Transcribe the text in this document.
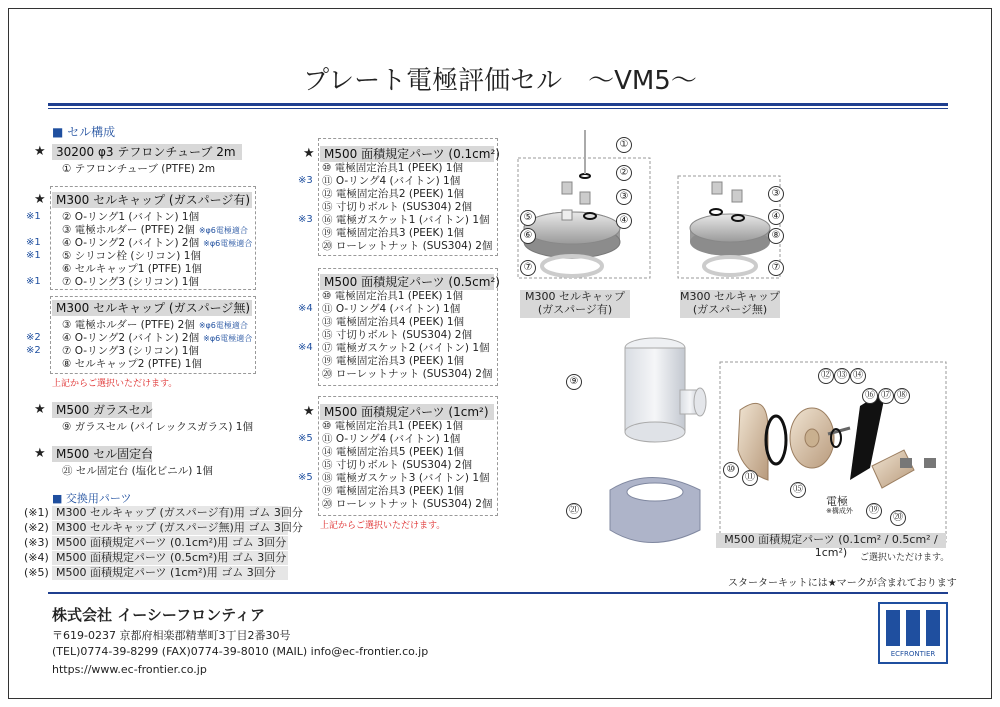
プレート電極評価セル　～VM5～
■ セル構成
★ 30200 φ3 テフロンチューブ 2m
① テフロンチューブ (PTFE) 2m
★ M300 セルキャップ (ガスパージ有)
※1 ② O-リング1 (バイトン) 1個
③ 電極ホルダー (PTFE) 2個 ※φ6電極適合
※1 ④ O-リング2 (バイトン) 2個 ※φ6電極適合
※1 ⑤ シリコン栓 (シリコン) 1個
⑥ セルキャップ1 (PTFE) 1個
※1 ⑦ O-リング3 (シリコン) 1個
M300 セルキャップ (ガスパージ無)
③ 電極ホルダー (PTFE) 2個 ※φ6電極適合
※2 ④ O-リング2 (バイトン) 2個 ※φ6電極適合
※2 ⑦ O-リング3 (シリコン) 1個
⑧ セルキャップ2 (PTFE) 1個
上記からご選択いただけます。
★ M500 ガラスセル
⑨ ガラスセル (パイレックスガラス) 1個
★ M500 セル固定台
㉑ セル固定台 (塩化ビニル) 1個
■ 交換用パーツ
(※1) M300 セルキャップ (ガスパージ有)用 ゴム 3回分
(※2) M300 セルキャップ (ガスパージ無)用 ゴム 3回分
(※3) M500 面積規定パーツ (0.1cm²)用 ゴム 3回分
(※4) M500 面積規定パーツ (0.5cm²)用 ゴム 3回分
(※5) M500 面積規定パーツ (1cm²)用 ゴム 3回分
★ M500 面積規定パーツ (0.1cm²)
⑩ 電極固定治具1 (PEEK) 1個
※3 ⑪ O-リング4 (バイトン) 1個
⑫ 電極固定治具2 (PEEK) 1個
⑮ 寸切りボルト (SUS304) 2個
※3 ⑯ 電極ガスケット1 (バイトン) 1個
⑲ 電極固定治具3 (PEEK) 1個
⑳ ローレットナット (SUS304) 2個
M500 面積規定パーツ (0.5cm²)
⑩ 電極固定治具1 (PEEK) 1個
※4 ⑪ O-リング4 (バイトン) 1個
⑬ 電極固定治具4 (PEEK) 1個
⑮ 寸切りボルト (SUS304) 2個
※4 ⑰ 電極ガスケット2 (バイトン) 1個
⑲ 電極固定治具3 (PEEK) 1個
⑳ ローレットナット (SUS304) 2個
★ M500 面積規定パーツ (1cm²)
⑩ 電極固定治具1 (PEEK) 1個
※5 ⑪ O-リング4 (バイトン) 1個
⑭ 電極固定治具5 (PEEK) 1個
⑮ 寸切りボルト (SUS304) 2個
※5 ⑱ 電極ガスケット3 (バイトン) 1個
⑲ 電極固定治具3 (PEEK) 1個
⑳ ローレットナット (SUS304) 2個
上記からご選択いただけます。
①
②
③
④
⑤
⑥
⑦
③
④
⑧
⑦
⑨
㉑
⑫ ⑬ ⑭
⑯ ⑰ ⑱
⑩
⑪
⑮
⑲
⑳
M300 セルキャップ
(ガスパージ有)
M300 セルキャップ
(ガスパージ無)
電極
※構成外
M500 面積規定パーツ (0.1cm² / 0.5cm² / 1cm²)	ご選択いただけます。
スターターキットには★マークが含まれております
株式会社 イーシーフロンティア
〒619-0237 京都府相楽郡精華町3丁目2番30号
(TEL)0774-39-8299 (FAX)0774-39-8010 (MAIL) info@ec-frontier.co.jp
https://www.ec-frontier.co.jp
ECFRONTIER
